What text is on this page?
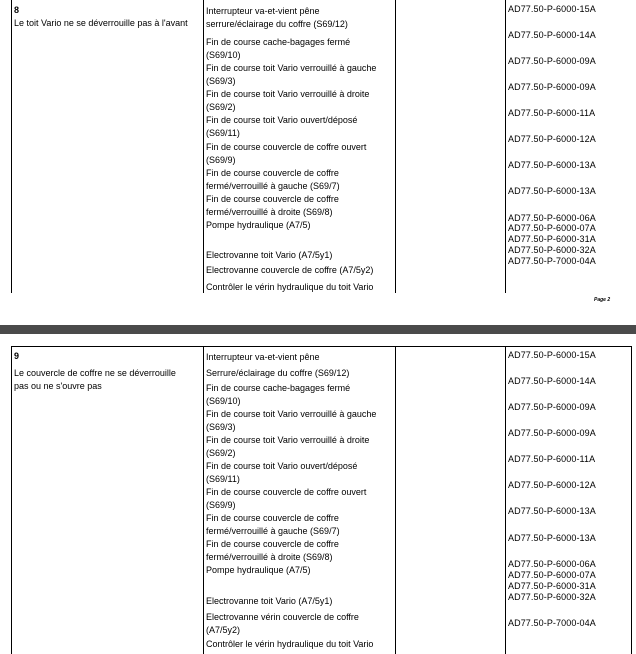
8
Le toit Vario ne se déverrouille pas à l'avant
Interrupteur va-et-vient pêne
serrure/éclairage du coffre (S69/12)
Fin de course cache-bagages fermé
(S69/10)
Fin de course toit Vario verrouillé à gauche
(S69/3)
Fin de course toit Vario verrouillé à droite
(S69/2)
Fin de course toit Vario ouvert/déposé
(S69/11)
Fin de course couvercle de coffre ouvert
(S69/9)
Fin de course couvercle de coffre
fermé/verrouillé à gauche (S69/7)
Fin de course couvercle de coffre
fermé/verrouillé à droite (S69/8)
Pompe hydraulique (A7/5)
Electrovanne toit Vario (A7/5y1)
Electrovanne couvercle de coffre (A7/5y2)
Contrôler le vérin hydraulique du toit Vario
AD77.50-P-6000-15A
AD77.50-P-6000-14A
AD77.50-P-6000-09A
AD77.50-P-6000-09A
AD77.50-P-6000-11A
AD77.50-P-6000-12A
AD77.50-P-6000-13A
AD77.50-P-6000-13A
AD77.50-P-6000-06A
AD77.50-P-6000-07A
AD77.50-P-6000-31A
AD77.50-P-6000-32A
AD77.50-P-7000-04A
Page 2
9
Le couvercle de coffre ne se déverrouille
pas ou ne s'ouvre pas
Interrupteur va-et-vient pêne
Serrure/éclairage du coffre (S69/12)
Fin de course cache-bagages fermé
(S69/10)
Fin de course toit Vario verrouillé à gauche
(S69/3)
Fin de course toit Vario verrouillé à droite
(S69/2)
Fin de course toit Vario ouvert/déposé
(S69/11)
Fin de course couvercle de coffre ouvert
(S69/9)
Fin de course couvercle de coffre
fermé/verrouillé à gauche (S69/7)
Fin de course couvercle de coffre
fermé/verrouillé à droite (S69/8)
Pompe hydraulique (A7/5)
Electrovanne toit Vario (A7/5y1)
Electrovanne vérin couvercle de coffre
(A7/5y2)
Contrôler le vérin hydraulique du toit Vario
AD77.50-P-6000-15A
AD77.50-P-6000-14A
AD77.50-P-6000-09A
AD77.50-P-6000-09A
AD77.50-P-6000-11A
AD77.50-P-6000-12A
AD77.50-P-6000-13A
AD77.50-P-6000-13A
AD77.50-P-6000-06A
AD77.50-P-6000-07A
AD77.50-P-6000-31A
AD77.50-P-6000-32A
AD77.50-P-7000-04A
